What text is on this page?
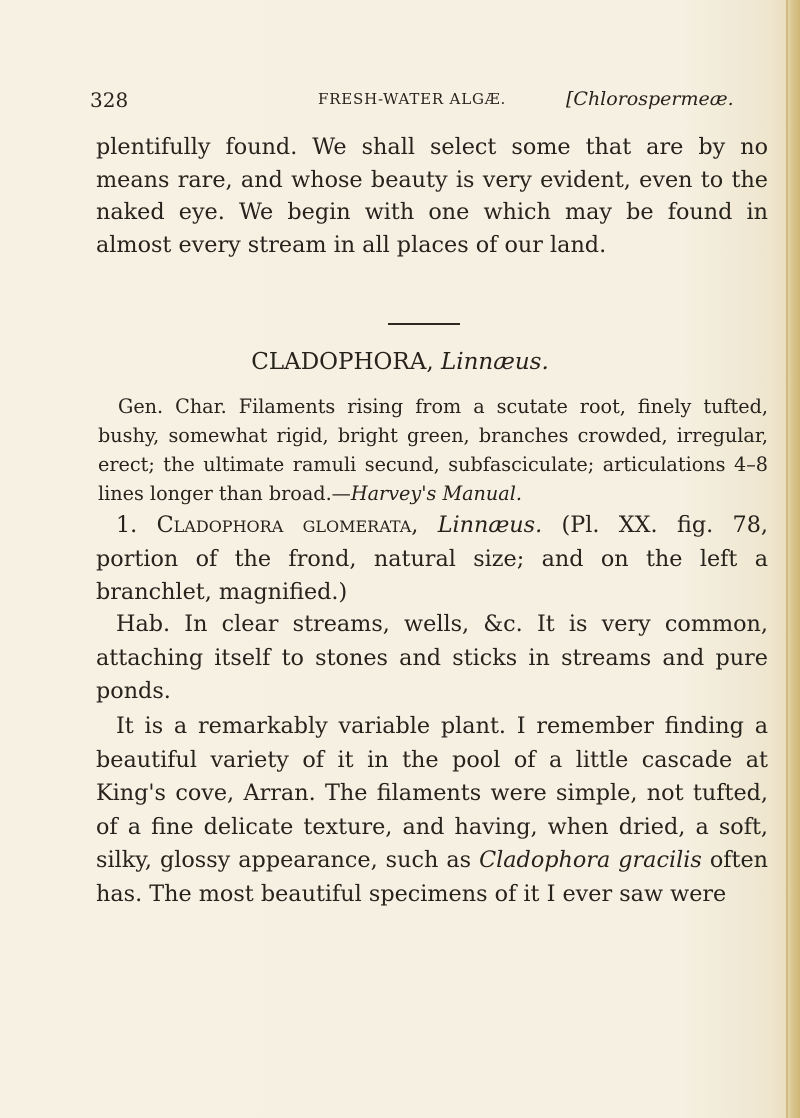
328	FRESH-WATER ALGÆ.	[Chlorospermeæ.

plentifully found. We shall select some that are by no means rare, and whose beauty is very evident, even to the naked eye. We begin with one which may be found in almost every stream in all places of our land.

CLADOPHORA, Linnæus.

Gen. Char. Filaments rising from a scutate root, finely tufted, bushy, somewhat rigid, bright green, branches crowded, irregular, erect; the ultimate ramuli secund, subfasciculate; articulations 4–8 lines longer than broad.—Harvey's Manual.

1. Cladophora glomerata, Linnæus. (Pl. XX. fig. 78, portion of the frond, natural size; and on the left a branchlet, magnified.)

Hab. In clear streams, wells, &c. It is very common, attaching itself to stones and sticks in streams and pure ponds.

It is a remarkably variable plant. I remember finding a beautiful variety of it in the pool of a little cascade at King's cove, Arran. The filaments were simple, not tufted, of a fine delicate texture, and having, when dried, a soft, silky, glossy appearance, such as Cladophora gracilis often has. The most beautiful specimens of it I ever saw were
